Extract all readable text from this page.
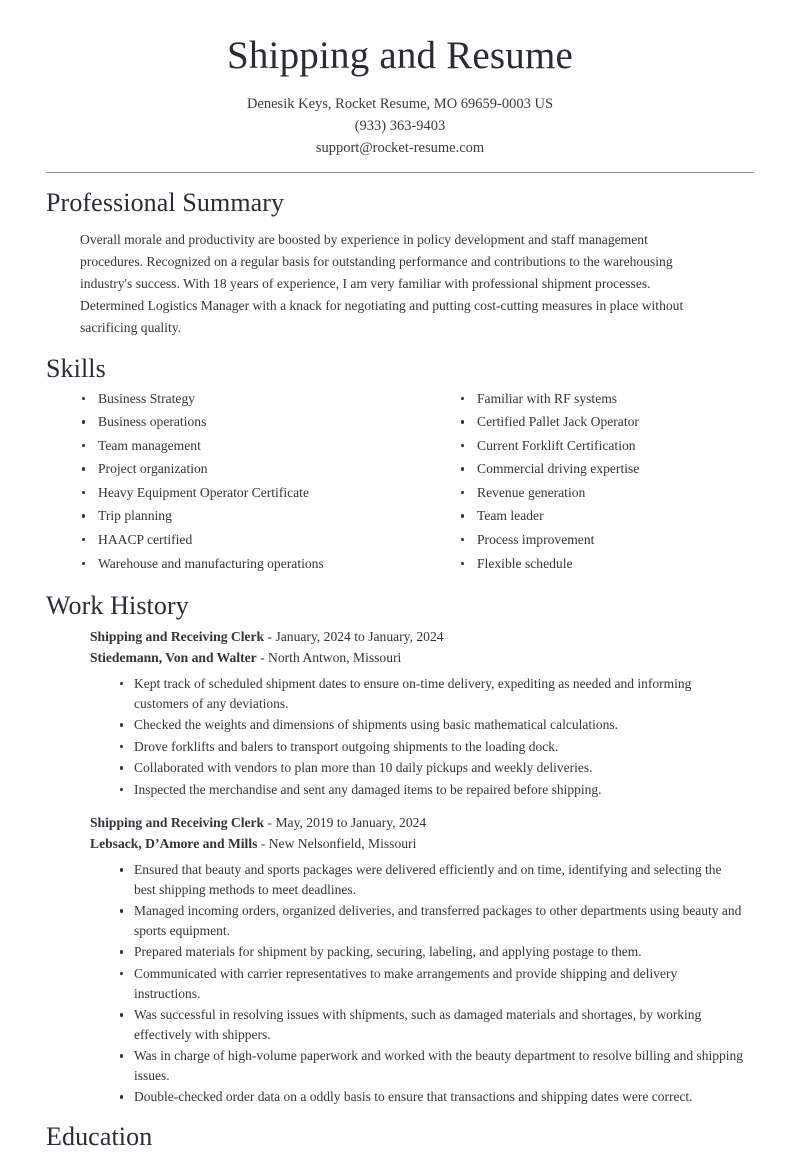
Shipping and Resume
Denesik Keys, Rocket Resume, MO 69659-0003 US
(933) 363-9403
support@rocket-resume.com
Professional Summary

Overall morale and productivity are boosted by experience in policy development and staff management procedures. Recognized on a regular basis for outstanding performance and contributions to the warehousing industry's success. With 18 years of experience, I am very familiar with professional shipment processes. Determined Logistics Manager with a knack for negotiating and putting cost-cutting measures in place without sacrificing quality.

Skills
Business Strategy
Business operations
Team management
Project organization
Heavy Equipment Operator Certificate
Trip planning
HAACP certified
Warehouse and manufacturing operations
Familiar with RF systems
Certified Pallet Jack Operator
Current Forklift Certification
Commercial driving expertise
Revenue generation
Team leader
Process improvement
Flexible schedule
Work History
Shipping and Receiving Clerk - January, 2024 to January, 2024
Stiedemann, Von and Walter - North Antwon, Missouri
Kept track of scheduled shipment dates to ensure on-time delivery, expediting as needed and informing customers of any deviations.
Checked the weights and dimensions of shipments using basic mathematical calculations.
Drove forklifts and balers to transport outgoing shipments to the loading dock.
Collaborated with vendors to plan more than 10 daily pickups and weekly deliveries.
Inspected the merchandise and sent any damaged items to be repaired before shipping.
Shipping and Receiving Clerk - May, 2019 to January, 2024
Lebsack, D’Amore and Mills - New Nelsonfield, Missouri
Ensured that beauty and sports packages were delivered efficiently and on time, identifying and selecting the best shipping methods to meet deadlines.
Managed incoming orders, organized deliveries, and transferred packages to other departments using beauty and sports equipment.
Prepared materials for shipment by packing, securing, labeling, and applying postage to them.
Communicated with carrier representatives to make arrangements and provide shipping and delivery instructions.
Was successful in resolving issues with shipments, such as damaged materials and shortages, by working effectively with shippers.
Was in charge of high-volume paperwork and worked with the beauty department to resolve billing and shipping issues.
Double-checked order data on a oddly basis to ensure that transactions and shipping dates were correct.
Education
